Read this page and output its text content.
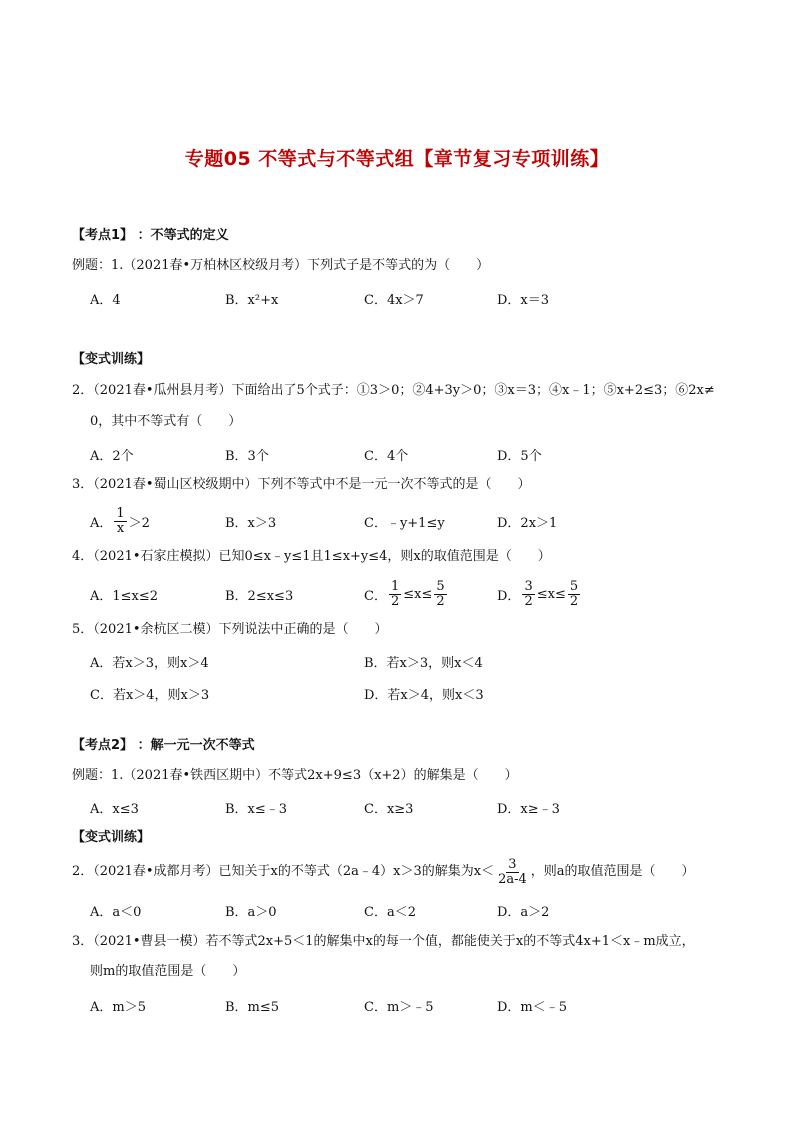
专题05 不等式与不等式组【章节复习专项训练】
【考点1】 ：不等式的定义
例题：1.（2021春•万柏林区校级月考）下列式子是不等式的为（　　）
A．4	B．x²+x	C．4x＞7	D．x＝3
【变式训练】
2．（2021春•瓜州县月考）下面给出了5个式子：①3＞0；②4+3y＞0；③x＝3；④x﹣1；⑤x+2≤3；⑥2x≠
0，其中不等式有（　　）
A．2个	B．3个	C．4个	D．5个
3．（2021春•蜀山区校级期中）下列不等式中不是一元一次不等式的是（　　）
A． $\frac{1}{x} >2$	B．x＞3	C．﹣y+1≤y	D．2x＞1
4．（2021•石家庄模拟）已知0≤x﹣y≤1且1≤x+y≤4，则x的取值范围是（　　）
A．1≤x≤2	B．2≤x≤3	C． $\frac{1}{2} \le x\le \frac{5}{2}$	D． $\frac{3}{2} \le x\le \frac{5}{2}$
5．（2021•余杭区二模）下列说法中正确的是（　　）
A．若x＞3，则x＞4	B．若x＞3，则x＜4
C．若x＞4，则x＞3	D．若x＞4，则x＜3
【考点2】 ：解一元一次不等式
例题：1.（2021春•铁西区期中）不等式2x+9≤3（x+2）的解集是（　　）
A．x≤3	B．x≤﹣3	C．x≥3	D．x≥﹣3
【变式训练】
2．（2021春•成都月考）已知关于x的不等式（2a﹣4）x＞3的解集为$x< \frac{3}{2a-4}$ ，则a的取值范围是（　　）
A．a＜0	B．a＞0	C．a＜2	D．a＞2
3．（2021•曹县一模）若不等式2x+5＜1的解集中x的每一个值，都能使关于x的不等式4x+1＜x﹣m成立，
则m的取值范围是（　　）
A．m＞5	B．m≤5	C．m＞﹣5	D．m＜﹣5
